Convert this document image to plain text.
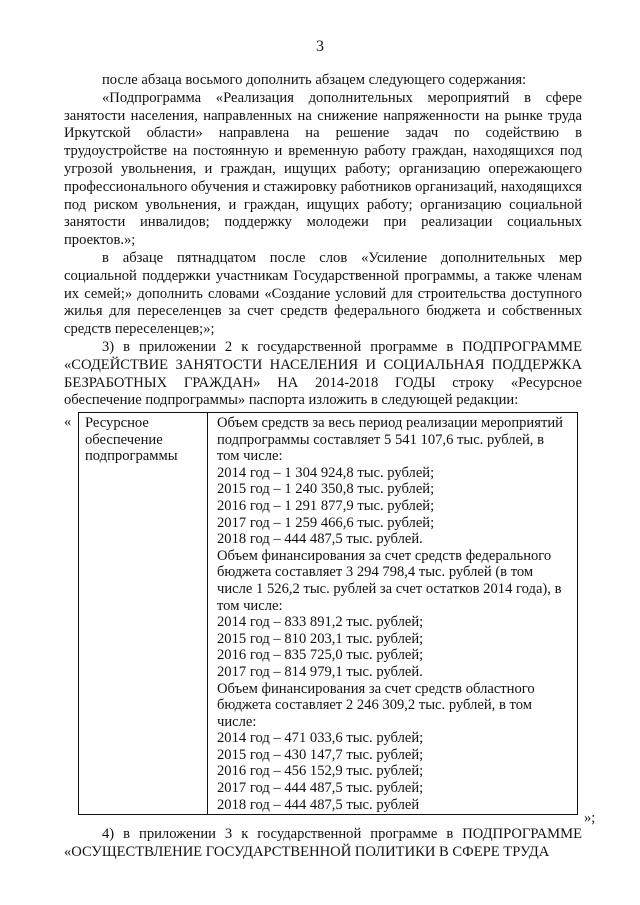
3

после абзаца восьмого дополнить абзацем следующего содержания:

«Подпрограмма «Реализация дополнительных мероприятий в сфере занятости населения, направленных на снижение напряженности на рынке труда Иркутской области» направлена на решение задач по содействию в трудоустройстве на постоянную и временную работу граждан, находящихся под угрозой увольнения, и граждан, ищущих работу; организацию опережающего профессионального обучения и стажировку работников организаций, находящихся под риском увольнения, и граждан, ищущих работу; организацию социальной занятости инвалидов; поддержку молодежи при реализации социальных проектов.»;

в абзаце пятнадцатом после слов «Усиление дополнительных мер социальной поддержки участникам Государственной программы, а также членам их семей;» дополнить словами «Создание условий для строительства доступного жилья для переселенцев за счет средств федерального бюджета и собственных средств переселенцев;»;

3) в приложении 2 к государственной программе в ПОДПРОГРАММЕ «СОДЕЙСТВИЕ ЗАНЯТОСТИ НАСЕЛЕНИЯ И СОЦИАЛЬНАЯ ПОДДЕРЖКА БЕЗРАБОТНЫХ ГРАЖДАН» НА 2014-2018 ГОДЫ строку «Ресурсное обеспечение подпрограммы» паспорта изложить в следующей редакции:

« Ресурсное
обеспечение
подпрограммы

Объем средств за весь период реализации мероприятий
подпрограммы составляет 5 541 107,6 тыс. рублей, в
том числе:
2014 год – 1 304 924,8 тыс. рублей;
2015 год – 1 240 350,8 тыс. рублей;
2016 год – 1 291 877,9 тыс. рублей;
2017 год – 1 259 466,6 тыс. рублей;
2018 год – 444 487,5 тыс. рублей.
Объем финансирования за счет средств федерального
бюджета составляет 3 294 798,4 тыс. рублей (в том
числе 1 526,2 тыс. рублей за счет остатков 2014 года), в
том числе:
2014 год – 833 891,2 тыс. рублей;
2015 год – 810 203,1 тыс. рублей;
2016 год – 835 725,0 тыс. рублей;
2017 год – 814 979,1 тыс. рублей.
Объем финансирования за счет средств областного
бюджета составляет 2 246 309,2 тыс. рублей, в том
числе:
2014 год – 471 033,6 тыс. рублей;
2015 год – 430 147,7 тыс. рублей;
2016 год – 456 152,9 тыс. рублей;
2017 год – 444 487,5 тыс. рублей;
2018 год – 444 487,5 тыс. рублей
»;

4) в приложении 3 к государственной программе в ПОДПРОГРАММЕ «ОСУЩЕСТВЛЕНИЕ ГОСУДАРСТВЕННОЙ ПОЛИТИКИ В СФЕРЕ ТРУДА
